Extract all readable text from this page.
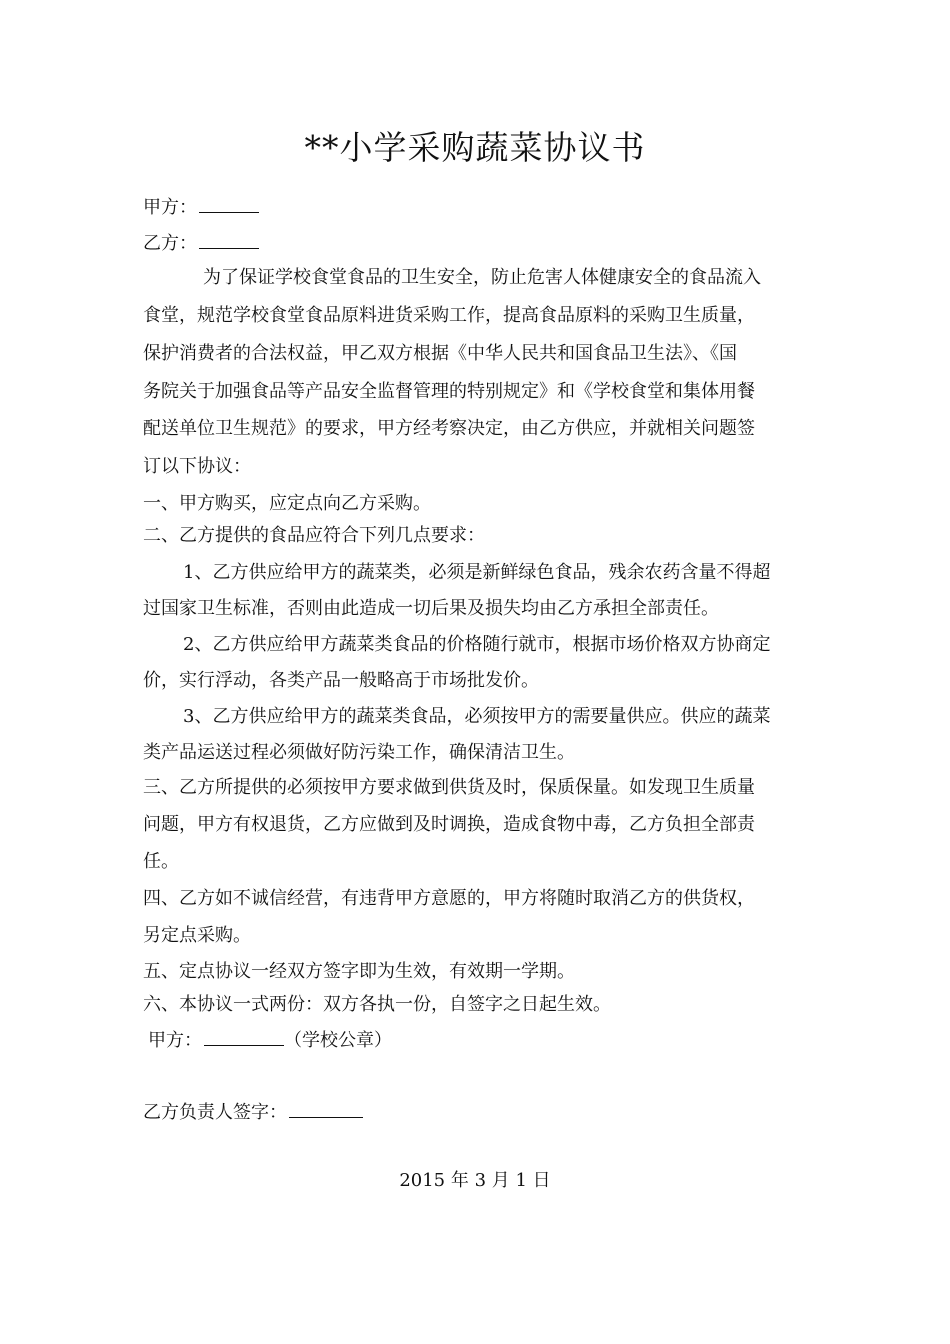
**小学采购蔬菜协议书
甲方：
乙方：
为了保证学校食堂食品的卫生安全，防止危害人体健康安全的食品流入
食堂，规范学校食堂食品原料进货采购工作，提高食品原料的采购卫生质量，
保护消费者的合法权益，甲乙双方根据《中华人民共和国食品卫生法》、《国
务院关于加强食品等产品安全监督管理的特别规定》和《学校食堂和集体用餐
配送单位卫生规范》的要求，甲方经考察决定，由乙方供应，并就相关问题签
订以下协议：
一、甲方购买，应定点向乙方采购。
二、乙方提供的食品应符合下列几点要求：
1、乙方供应给甲方的蔬菜类，必须是新鲜绿色食品，残余农药含量不得超
过国家卫生标准，否则由此造成一切后果及损失均由乙方承担全部责任。
2、乙方供应给甲方蔬菜类食品的价格随行就市，根据市场价格双方协商定
价，实行浮动，各类产品一般略高于市场批发价。
3、乙方供应给甲方的蔬菜类食品，必须按甲方的需要量供应。供应的蔬菜
类产品运送过程必须做好防污染工作，确保清洁卫生。
三、乙方所提供的必须按甲方要求做到供货及时，保质保量。如发现卫生质量
问题，甲方有权退货，乙方应做到及时调换，造成食物中毒，乙方负担全部责
任。
四、乙方如不诚信经营，有违背甲方意愿的，甲方将随时取消乙方的供货权，
另定点采购。
五、定点协议一经双方签字即为生效，有效期一学期。
六、本协议一式两份：双方各执一份，自签字之日起生效。
甲方：	（学校公章）
乙方负责人签字：
2015 年 3 月 1 日
